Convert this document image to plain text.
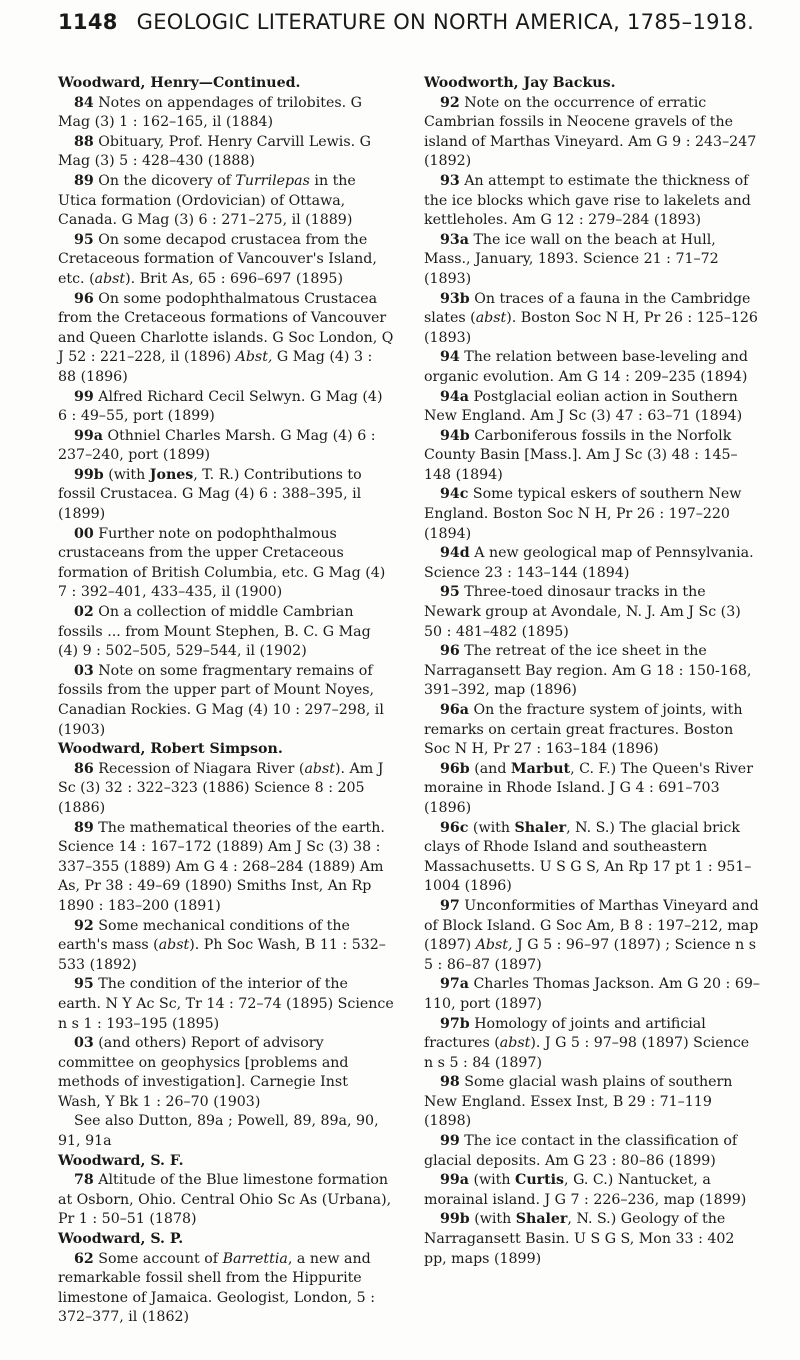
1148 GEOLOGIC LITERATURE ON NORTH AMERICA, 1785–1918.

Woodward, Henry—Continued.

84 Notes on appendages of trilobites. G Mag (3) 1 : 162–165, il (1884)

88 Obituary, Prof. Henry Carvill Lewis. G Mag (3) 5 : 428–430 (1888)

89 On the dicovery of Turrilepas in the Utica formation (Ordovician) of Ottawa, Canada. G Mag (3) 6 : 271–275, il (1889)

95 On some decapod crustacea from the Cretaceous formation of Vancouver's Island, etc. (abst). Brit As, 65 : 696–697 (1895)

96 On some podophthalmatous Crustacea from the Cretaceous formations of Vancouver and Queen Charlotte islands. G Soc London, Q J 52 : 221–228, il (1896) Abst, G Mag (4) 3 : 88 (1896)

99 Alfred Richard Cecil Selwyn. G Mag (4) 6 : 49–55, port (1899)

99a Othniel Charles Marsh. G Mag (4) 6 : 237–240, port (1899)

99b (with Jones, T. R.) Contributions to fossil Crustacea. G Mag (4) 6 : 388–395, il (1899)

00 Further note on podophthalmous crustaceans from the upper Cretaceous formation of British Columbia, etc. G Mag (4) 7 : 392–401, 433–435, il (1900)

02 On a collection of middle Cambrian fossils ... from Mount Stephen, B. C. G Mag (4) 9 : 502–505, 529–544, il (1902)

03 Note on some fragmentary remains of fossils from the upper part of Mount Noyes, Canadian Rockies. G Mag (4) 10 : 297–298, il (1903)

Woodward, Robert Simpson.

86 Recession of Niagara River (abst). Am J Sc (3) 32 : 322–323 (1886) Science 8 : 205 (1886)

89 The mathematical theories of the earth. Science 14 : 167–172 (1889) Am J Sc (3) 38 : 337–355 (1889) Am G 4 : 268–284 (1889) Am As, Pr 38 : 49–69 (1890) Smiths Inst, An Rp 1890 : 183–200 (1891)

92 Some mechanical conditions of the earth's mass (abst). Ph Soc Wash, B 11 : 532–533 (1892)

95 The condition of the interior of the earth. N Y Ac Sc, Tr 14 : 72–74 (1895) Science n s 1 : 193–195 (1895)

03 (and others) Report of advisory committee on geophysics [problems and methods of investigation]. Carnegie Inst Wash, Y Bk 1 : 26–70 (1903)

See also Dutton, 89a ; Powell, 89, 89a, 90, 91, 91a

Woodward, S. F.

78 Altitude of the Blue limestone formation at Osborn, Ohio. Central Ohio Sc As (Urbana), Pr 1 : 50–51 (1878)

Woodward, S. P.

62 Some account of Barrettia, a new and remarkable fossil shell from the Hippurite limestone of Jamaica. Geologist, London, 5 : 372–377, il (1862)

Woodworth, Jay Backus.

92 Note on the occurrence of erratic Cambrian fossils in Neocene gravels of the island of Marthas Vineyard. Am G 9 : 243–247 (1892)

93 An attempt to estimate the thickness of the ice blocks which gave rise to lakelets and kettleholes. Am G 12 : 279–284 (1893)

93a The ice wall on the beach at Hull, Mass., January, 1893. Science 21 : 71–72 (1893)

93b On traces of a fauna in the Cambridge slates (abst). Boston Soc N H, Pr 26 : 125–126 (1893)

94 The relation between base-leveling and organic evolution. Am G 14 : 209–235 (1894)

94a Postglacial eolian action in Southern New England. Am J Sc (3) 47 : 63–71 (1894)

94b Carboniferous fossils in the Norfolk County Basin [Mass.]. Am J Sc (3) 48 : 145–148 (1894)

94c Some typical eskers of southern New England. Boston Soc N H, Pr 26 : 197–220 (1894)

94d A new geological map of Pennsylvania. Science 23 : 143–144 (1894)

95 Three-toed dinosaur tracks in the Newark group at Avondale, N. J. Am J Sc (3) 50 : 481–482 (1895)

96 The retreat of the ice sheet in the Narragansett Bay region. Am G 18 : 150-168, 391–392, map (1896)

96a On the fracture system of joints, with remarks on certain great fractures. Boston Soc N H, Pr 27 : 163–184 (1896)

96b (and Marbut, C. F.) The Queen's River moraine in Rhode Island. J G 4 : 691–703 (1896)

96c (with Shaler, N. S.) The glacial brick clays of Rhode Island and southeastern Massachusetts. U S G S, An Rp 17 pt 1 : 951–1004 (1896)

97 Unconformities of Marthas Vineyard and of Block Island. G Soc Am, B 8 : 197–212, map (1897) Abst, J G 5 : 96–97 (1897) ; Science n s 5 : 86–87 (1897)

97a Charles Thomas Jackson. Am G 20 : 69–110, port (1897)

97b Homology of joints and artificial fractures (abst). J G 5 : 97–98 (1897) Science n s 5 : 84 (1897)

98 Some glacial wash plains of southern New England. Essex Inst, B 29 : 71–119 (1898)

99 The ice contact in the classification of glacial deposits. Am G 23 : 80–86 (1899)

99a (with Curtis, G. C.) Nantucket, a morainal island. J G 7 : 226–236, map (1899)

99b (with Shaler, N. S.) Geology of the Narragansett Basin. U S G S, Mon 33 : 402 pp, maps (1899)
